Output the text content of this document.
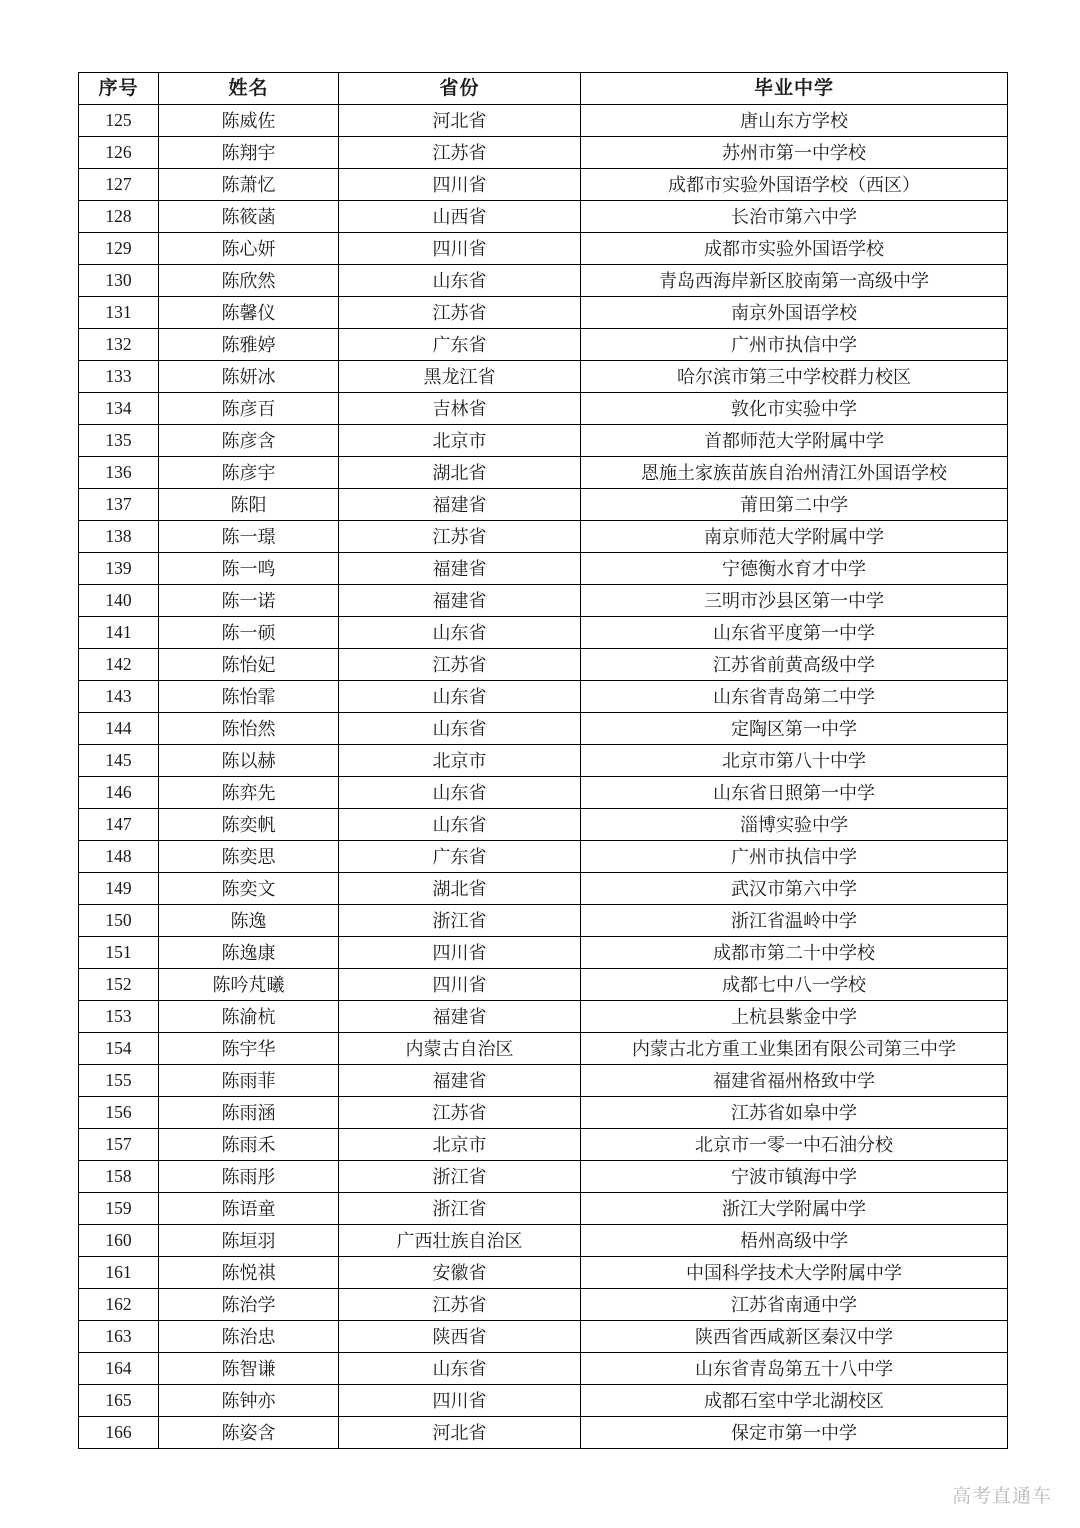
序号	姓名	省份	毕业中学
125	陈威佐	河北省	唐山东方学校
126	陈翔宇	江苏省	苏州市第一中学校
127	陈萧忆	四川省	成都市实验外国语学校（西区）
128	陈筱菡	山西省	长治市第六中学
129	陈心妍	四川省	成都市实验外国语学校
130	陈欣然	山东省	青岛西海岸新区胶南第一高级中学
131	陈馨仪	江苏省	南京外国语学校
132	陈雅婷	广东省	广州市执信中学
133	陈妍冰	黑龙江省	哈尔滨市第三中学校群力校区
134	陈彦百	吉林省	敦化市实验中学
135	陈彦含	北京市	首都师范大学附属中学
136	陈彦宇	湖北省	恩施土家族苗族自治州清江外国语学校
137	陈阳	福建省	莆田第二中学
138	陈一璟	江苏省	南京师范大学附属中学
139	陈一鸣	福建省	宁德衡水育才中学
140	陈一诺	福建省	三明市沙县区第一中学
141	陈一硕	山东省	山东省平度第一中学
142	陈怡妃	江苏省	江苏省前黄高级中学
143	陈怡霏	山东省	山东省青岛第二中学
144	陈怡然	山东省	定陶区第一中学
145	陈以赫	北京市	北京市第八十中学
146	陈弈先	山东省	山东省日照第一中学
147	陈奕帆	山东省	淄博实验中学
148	陈奕思	广东省	广州市执信中学
149	陈奕文	湖北省	武汉市第六中学
150	陈逸	浙江省	浙江省温岭中学
151	陈逸康	四川省	成都市第二十中学校
152	陈吟芃曦	四川省	成都七中八一学校
153	陈渝杭	福建省	上杭县紫金中学
154	陈宇华	内蒙古自治区	内蒙古北方重工业集团有限公司第三中学
155	陈雨菲	福建省	福建省福州格致中学
156	陈雨涵	江苏省	江苏省如皋中学
157	陈雨禾	北京市	北京市一零一中石油分校
158	陈雨彤	浙江省	宁波市镇海中学
159	陈语童	浙江省	浙江大学附属中学
160	陈垣羽	广西壮族自治区	梧州高级中学
161	陈悦祺	安徽省	中国科学技术大学附属中学
162	陈治学	江苏省	江苏省南通中学
163	陈治忠	陕西省	陕西省西咸新区秦汉中学
164	陈智谦	山东省	山东省青岛第五十八中学
165	陈钟亦	四川省	成都石室中学北湖校区
166	陈姿含	河北省	保定市第一中学
高考直通车
